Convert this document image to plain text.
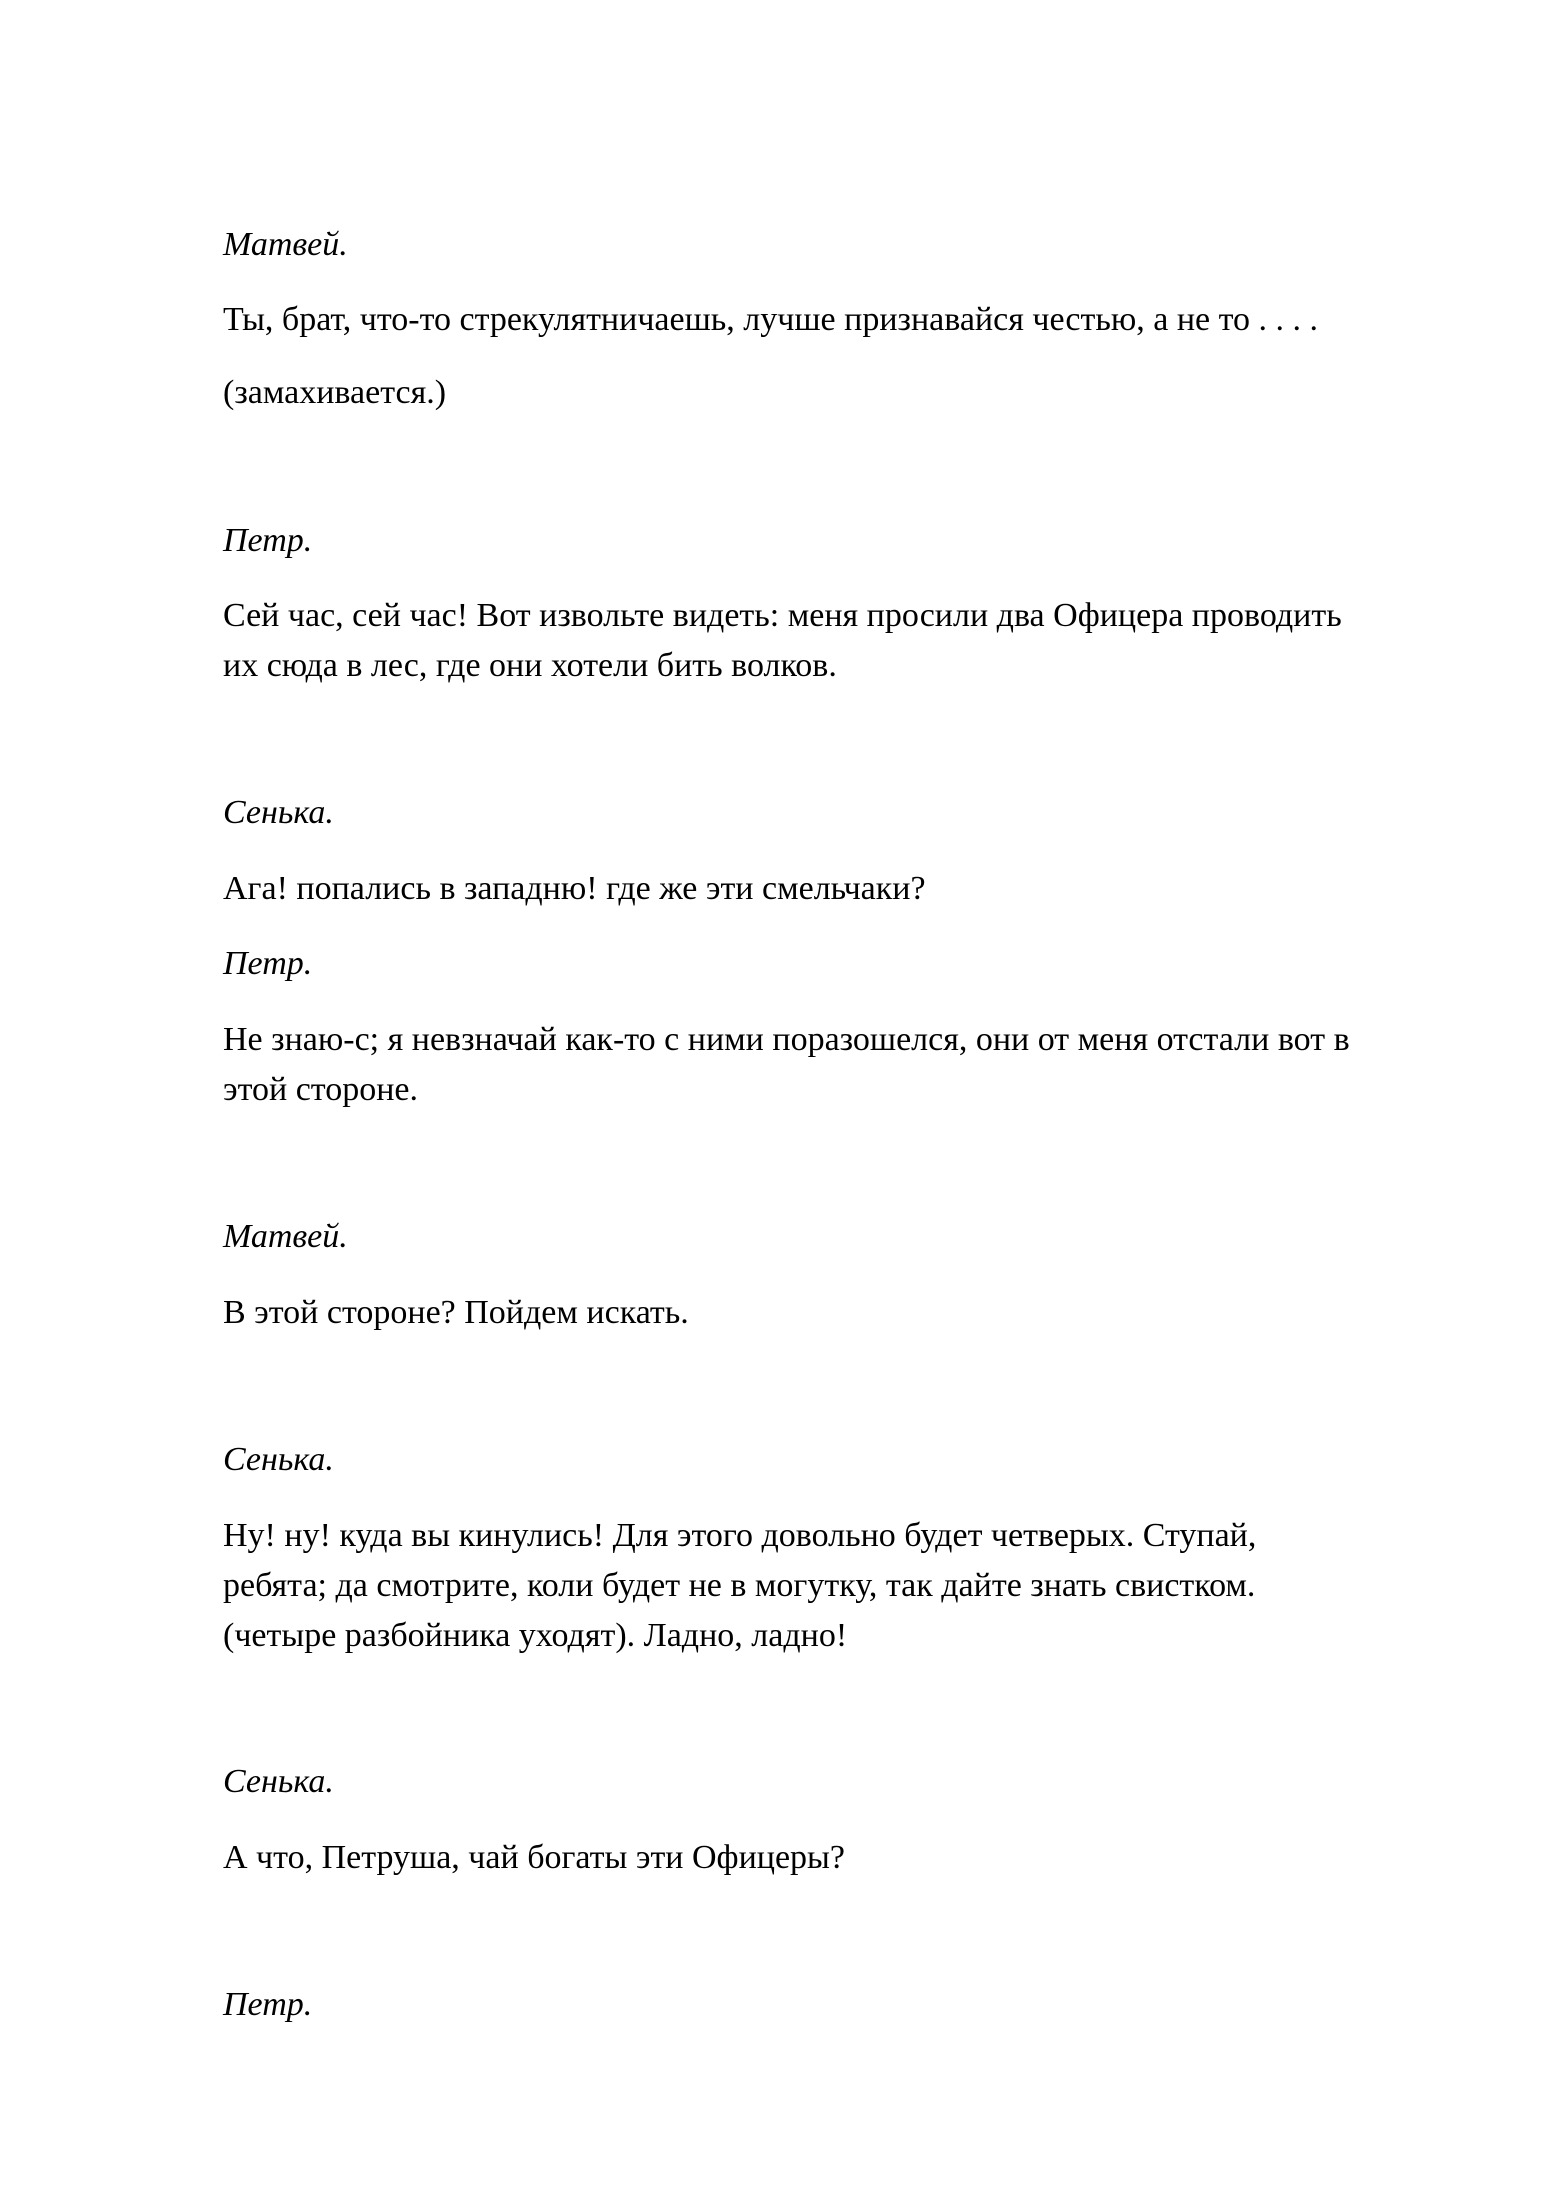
Матвей.

Ты, брат, что-то стрекулятничаешь, лучше признавайся честью, а не то . . . .

(замахивается.)

Петр.

Сей час, сей час! Вот извольте видеть: меня просили два Офицера проводить

их сюда в лес, где они хотели бить волков.

Сенька.

Ага! попались в западню! где же эти смельчаки?

Петр.

Не знаю-с; я невзначай как-то с ними поразошелся, они от меня отстали вот в

этой стороне.

Матвей.

В этой стороне? Пойдем искать.

Сенька.

Ну! ну! куда вы кинулись! Для этого довольно будет четверых. Ступай,

ребята; да смотрите, коли будет не в могутку, так дайте знать свистком.

(четыре разбойника уходят). Ладно, ладно!

Сенька.

А что, Петруша, чай богаты эти Офицеры?

Петр.
